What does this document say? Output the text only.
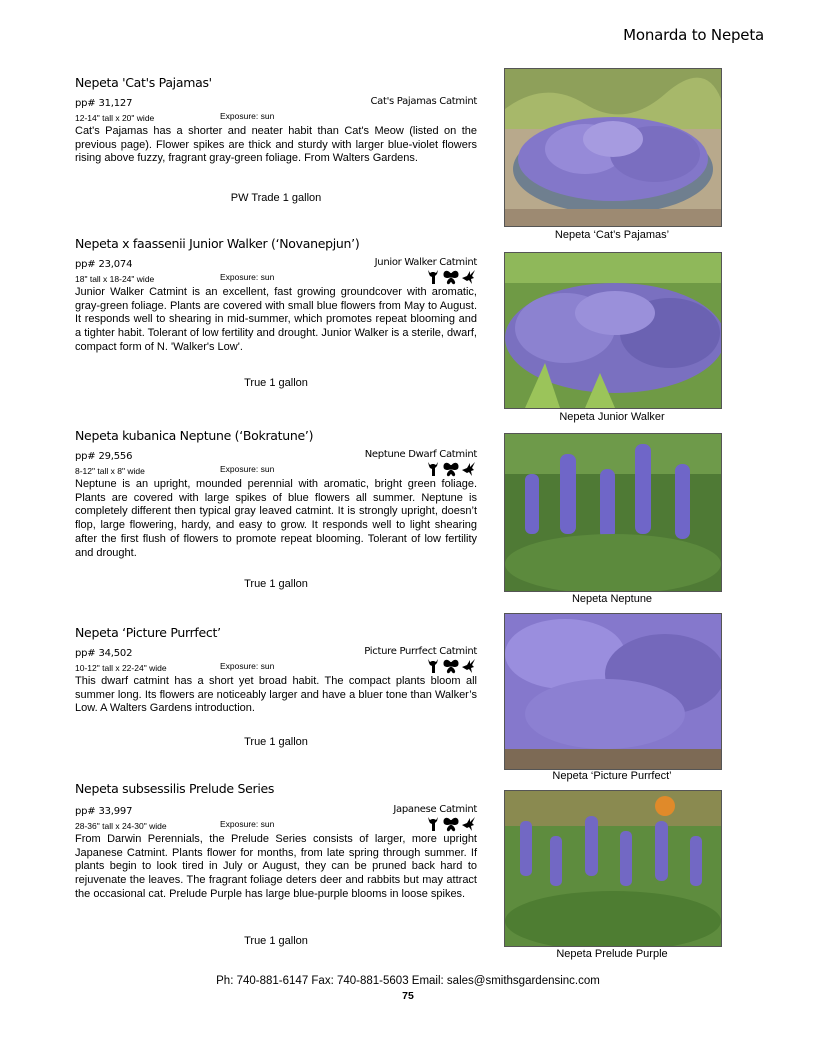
Monarda to Nepeta
Nepeta 'Cat's Pajamas'
pp# 31,127	Cat's Pajamas Catmint
12-14" tall x 20" wide	Exposure: sun

Cat's Pajamas has a shorter and neater habit than Cat's Meow (listed on the previous page). Flower spikes are thick and sturdy with larger blue-violet flowers rising above fuzzy, fragrant gray-green foliage. From Walters Gardens.

PW Trade 1 gallon
Nepeta x faassenii Junior Walker (‘Novanepjun’)
pp# 23,074	Junior Walker Catmint
18" tall x 18-24" wide	Exposure: sun

Junior Walker Catmint is an excellent, fast growing groundcover with aromatic, gray-green foliage. Plants are covered with small blue flowers from May to August. It responds well to shearing in mid-summer, which promotes repeat blooming and a tighter habit. Tolerant of low fertility and drought. Junior Walker is a sterile, dwarf, compact form of N. 'Walker's Low'.

True 1 gallon
Nepeta kubanica Neptune (‘Bokratune’)
pp# 29,556	Neptune Dwarf Catmint
8-12" tall x 8" wide	Exposure: sun

Neptune is an upright, mounded perennial with aromatic, bright green foliage. Plants are covered with large spikes of blue flowers all summer. Neptune is completely different then typical gray leaved catmint. It is strongly upright, doesn’t flop, large flowering, hardy, and easy to grow. It responds well to light shearing after the first flush of flowers to promote repeat blooming. Tolerant of low fertility and drought.

True 1 gallon
Nepeta ‘Picture Purrfect’
pp# 34,502	Picture Purrfect Catmint
10-12" tall x 22-24" wide	Exposure: sun

This dwarf catmint has a short yet broad habit. The compact plants bloom all summer long. Its flowers are noticeably larger and have a bluer tone than Walker’s Low. A Walters Gardens introduction.

True 1 gallon
Nepeta subsessilis Prelude Series
pp# 33,997	Japanese Catmint
28-36" tall x 24-30" wide	Exposure: sun

From Darwin Perennials, the Prelude Series consists of larger, more upright Japanese Catmint. Plants flower for months, from late spring through summer. If plants begin to look tired in July or August, they can be pruned back hard to rejuvenate the leaves. The fragrant foliage deters deer and rabbits but may attract the occasional cat. Prelude Purple has large blue-purple blooms in loose spikes.

True 1 gallon
Nepeta ‘Cat’s Pajamas’
Nepeta Junior Walker
Nepeta Neptune
Nepeta ‘Picture Purrfect’
Nepeta Prelude Purple
Ph: 740-881-6147 Fax: 740-881-5603 Email: sales@smithsgardensinc.com
75
